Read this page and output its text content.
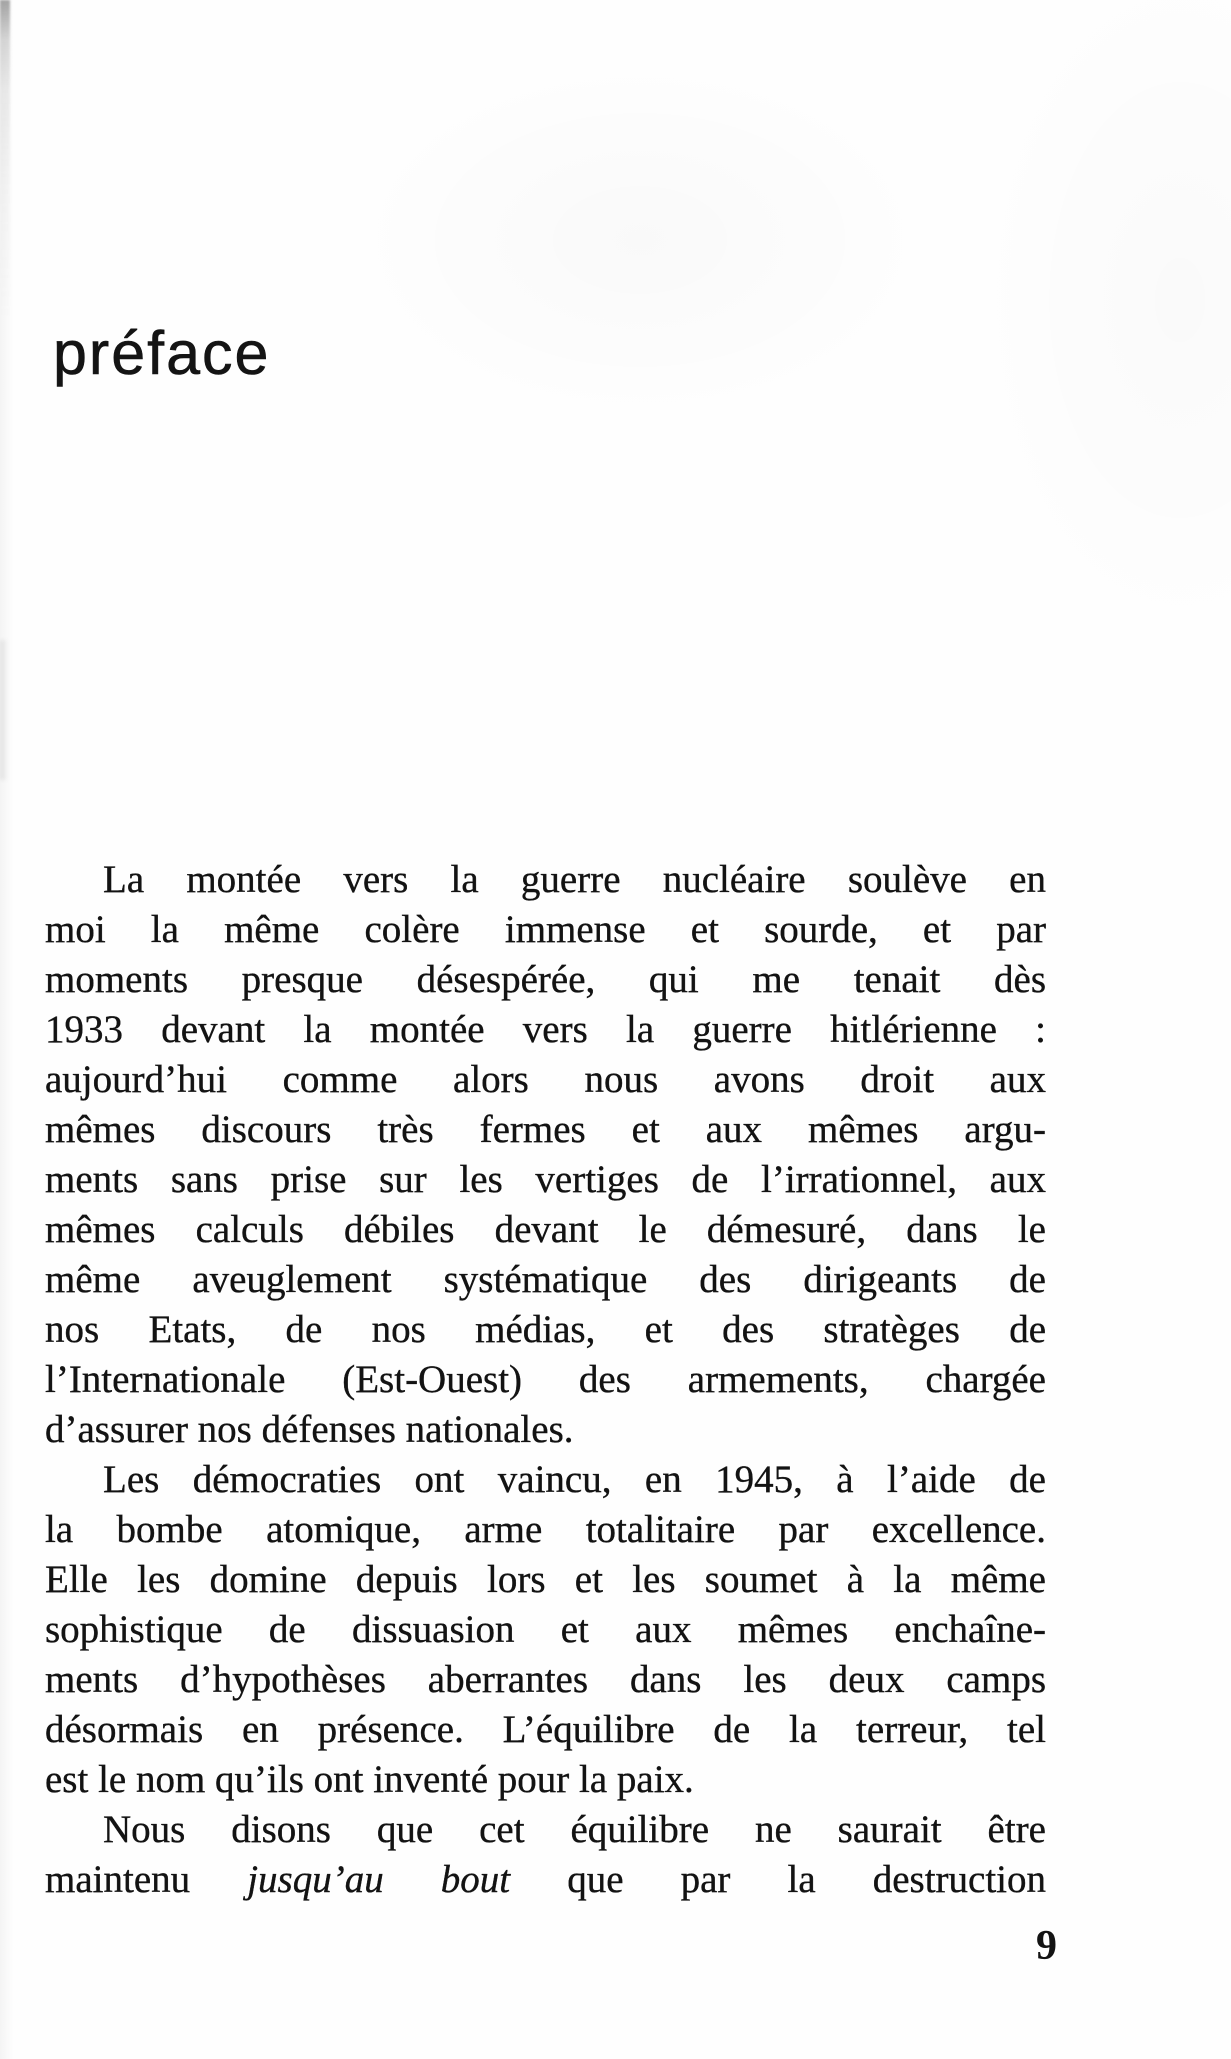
préface
La montée vers la guerre nucléaire soulève en
moi la même colère immense et sourde, et par
moments presque désespérée, qui me tenait dès
1933 devant la montée vers la guerre hitlérienne :
aujourd’hui comme alors nous avons droit aux
mêmes discours très fermes et aux mêmes argu-
ments sans prise sur les vertiges de l’irrationnel, aux
mêmes calculs débiles devant le démesuré, dans le
même aveuglement systématique des dirigeants de
nos Etats, de nos médias, et des stratèges de
l’Internationale (Est-Ouest) des armements, chargée
d’assurer nos défenses nationales.
Les démocraties ont vaincu, en 1945, à l’aide de
la bombe atomique, arme totalitaire par excellence.
Elle les domine depuis lors et les soumet à la même
sophistique de dissuasion et aux mêmes enchaîne-
ments d’hypothèses aberrantes dans les deux camps
désormais en présence. L’équilibre de la terreur, tel
est le nom qu’ils ont inventé pour la paix.
Nous disons que cet équilibre ne saurait être
maintenu jusqu’au bout que par la destruction
9
